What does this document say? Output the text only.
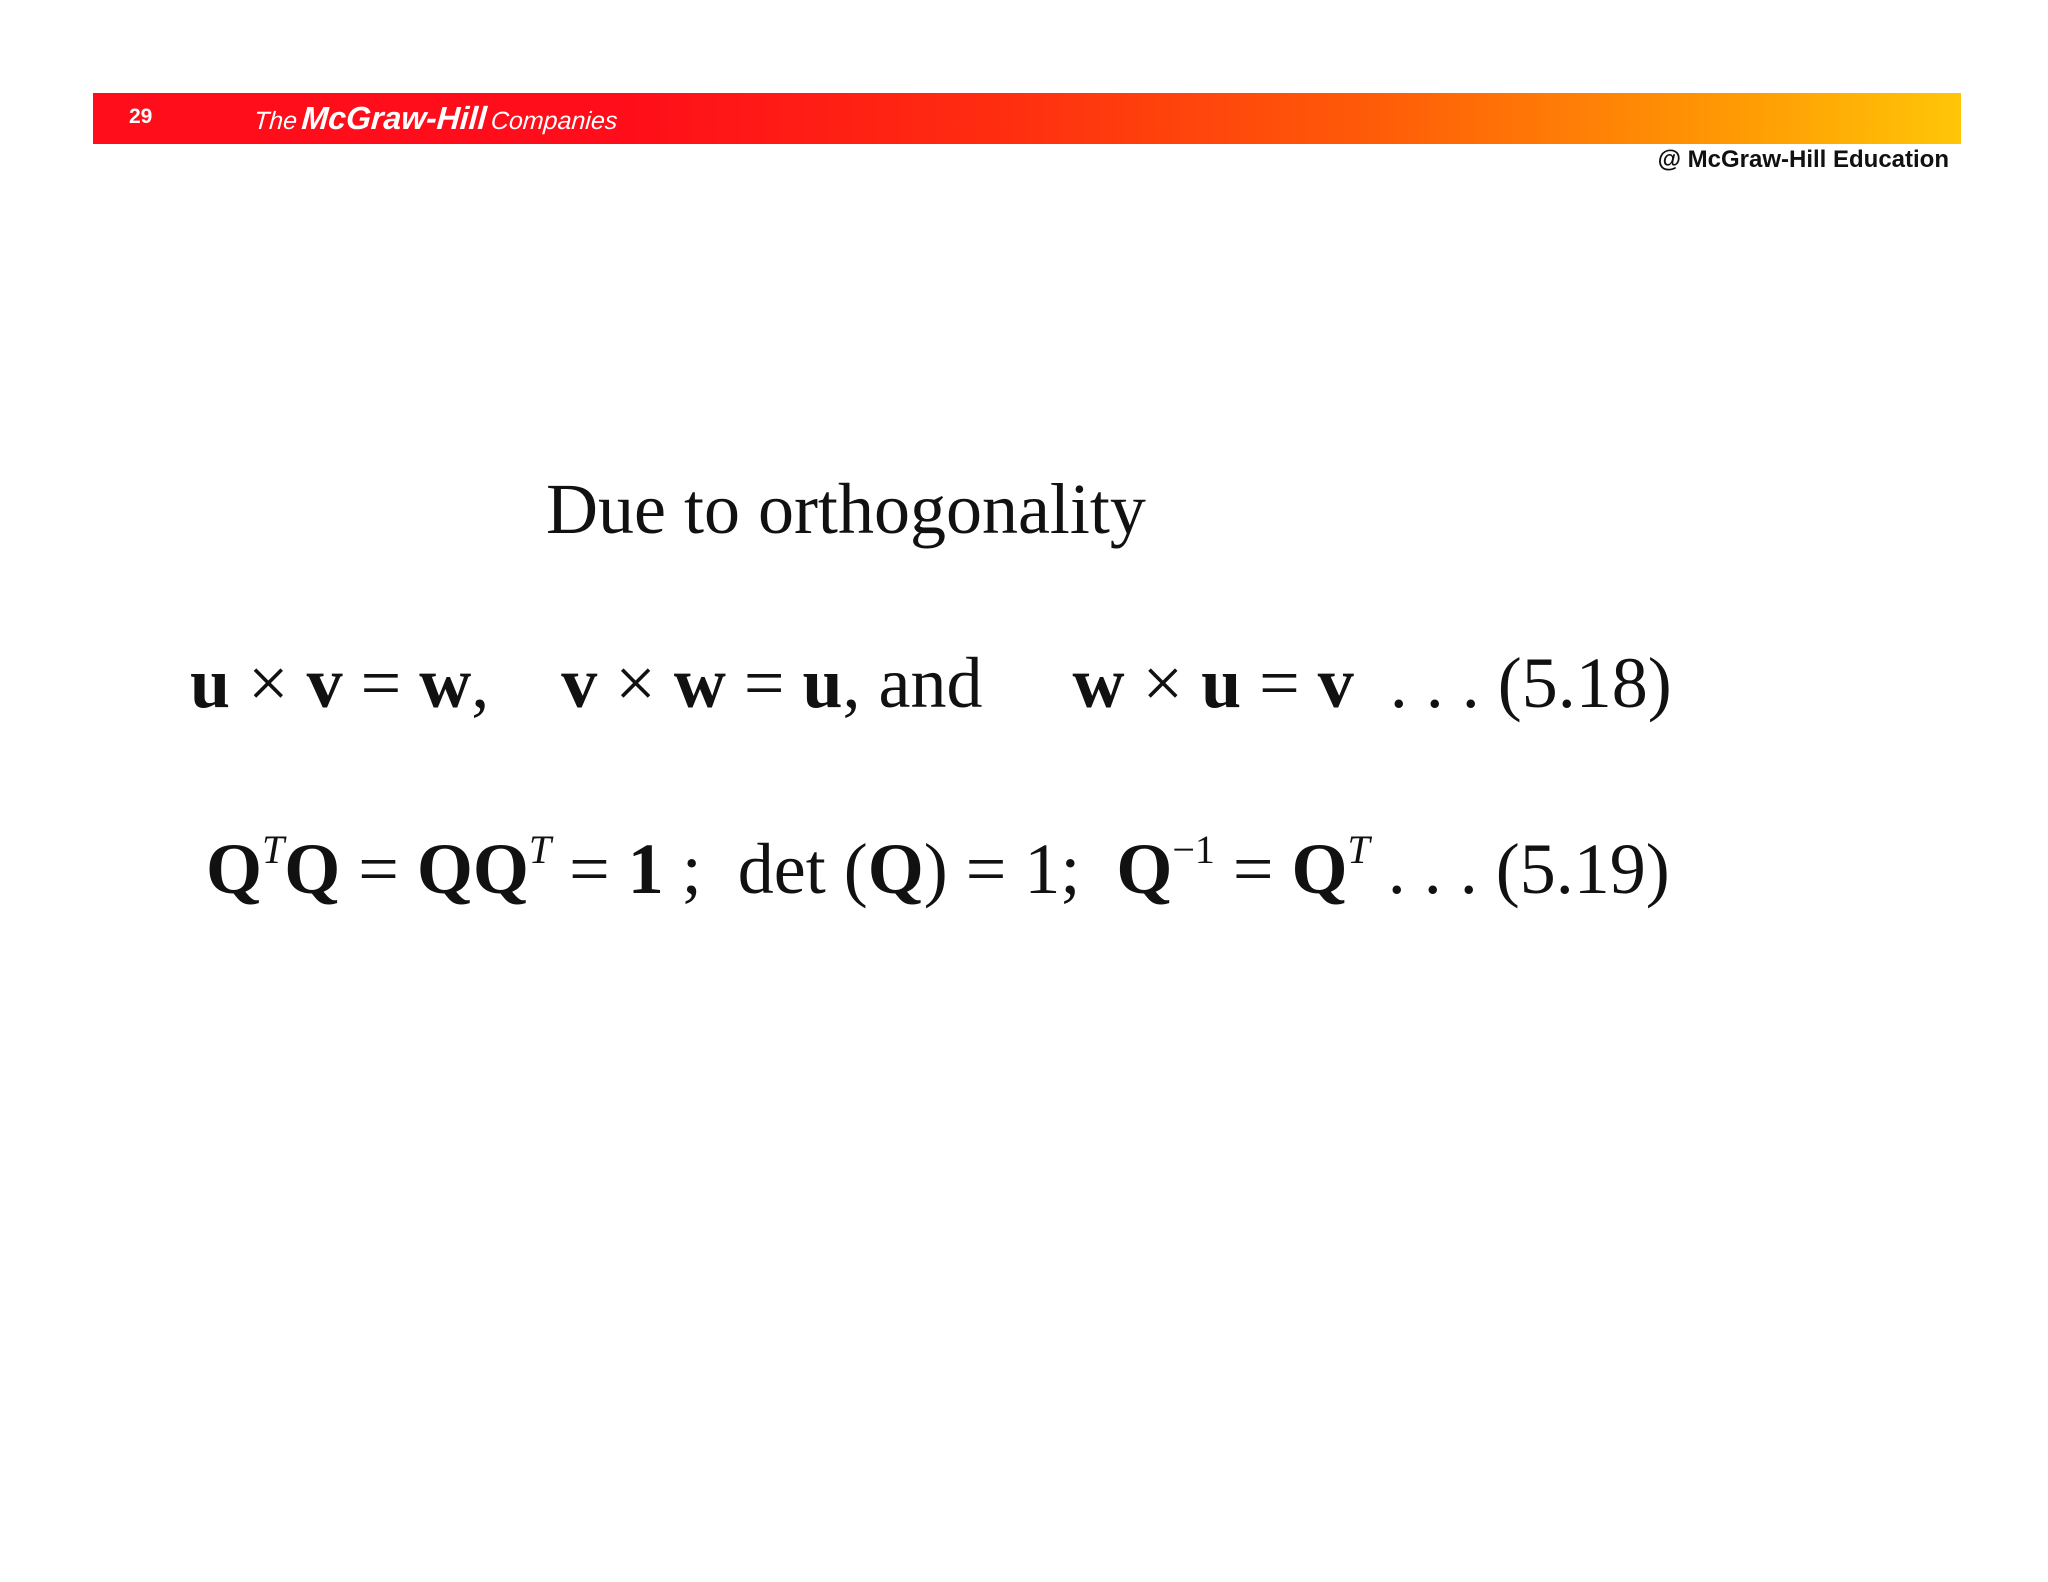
29	The McGraw-Hill Companies
@ McGraw-Hill Education
Due to orthogonality
u × v = w, v × w = u, and w × u = v  . . . (5.18)
$Q^TQ = QQ^T = 1$ ;  det (Q) = 1;  $Q^{-1} = Q^T$ . . . (5.19)
